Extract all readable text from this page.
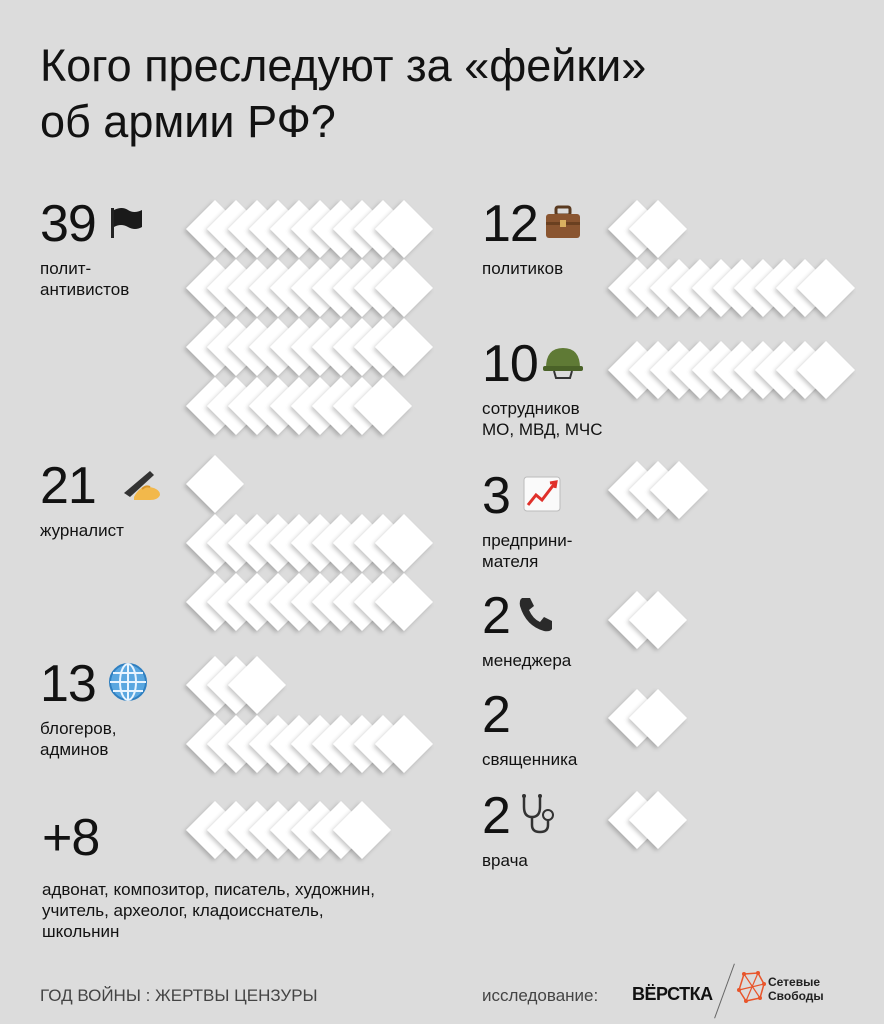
Кого преследуют за «фейки»
об армии РФ?
39
полит-
антивистов
21
журналист
13
блогеров,
админов
+8
адвонат, композитор, писатель, художнин,
учитель, археолог, кладоисcнатель,
школьнин
12
политиков
10
сотрудников
МО, МВД, МЧС
3
предприни-
мателя
2
менеджера
2
священника
2
врача
ГОД ВОЙНЫ : ЖЕРТВЫ ЦЕНЗУРЫ	исследование: ВЁРСТКА
Сетевые
Свободы
